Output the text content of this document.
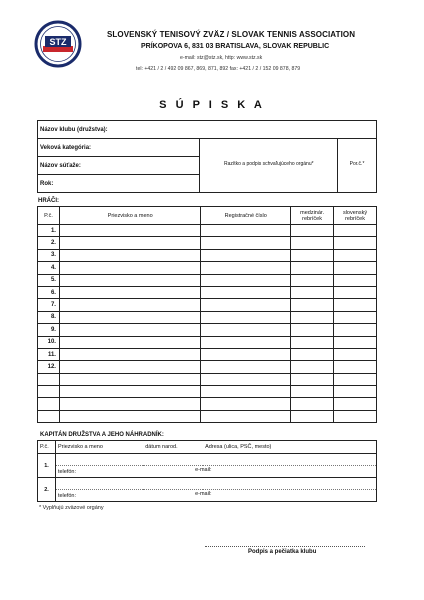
STZ
SLOVENSKÝ TENISOVÝ ZVÄZ / SLOVAK TENNIS ASSOCIATION
PRÍKOPOVA 6, 831 03 BRATISLAVA, SLOVAK REPUBLIC
e-mail: stz@stz.sk, http: www.stz.sk
tel: +421 / 2 / 492 09 867, 869, 871, 892 fax: +421 / 2 / 152 09 878, 879
S Ú P I S K A
Názov klubu (družstva):
Veková kategória:	Razítko a podpis schvaľujúceho orgánu*	Por.č.*
Názov súťaže:
Rok:
HRÁČI:
P.č.	Priezvisko a meno	Registračné číslo	medzinár. rebríček	slovenský rebríček
1.				
2.				
3.				
4.				
5.				
6.				
7.				
8.				
9.				
10.				
11.				
12.				

KAPITÁN DRUŽSTVA A JEHO NÁHRADNÍK:
P.č.	Priezvisko a meno	dátum narod.	Adresa (ulica, PSČ, mesto)
1.			
	telefón:		e-mail:

2.			
	telefón:		e-mail:
* Vyplňujú zväzové orgány
Podpis a pečiatka klubu
